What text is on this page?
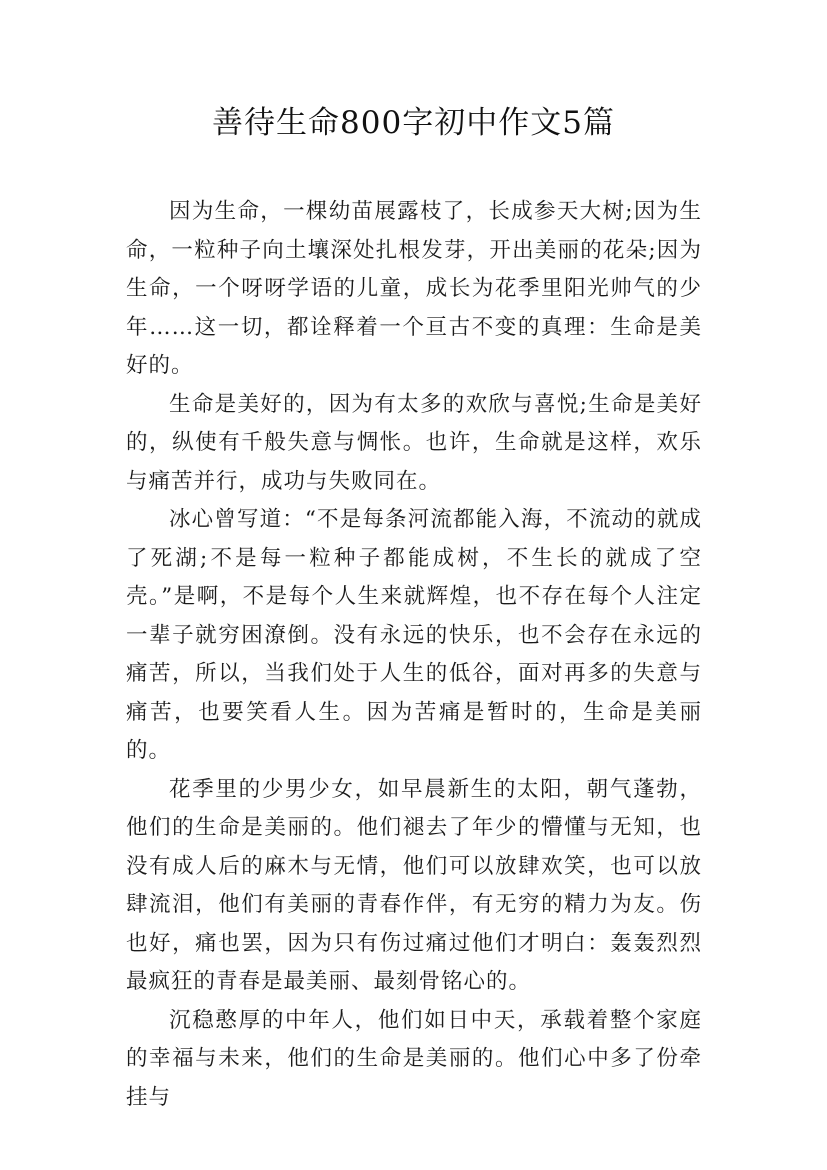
善待生命800字初中作文5篇

因为生命，一棵幼苗展露枝了，长成参天大树;因为生命，一粒种子向土壤深处扎根发芽，开出美丽的花朵;因为生命，一个呀呀学语的儿童，成长为花季里阳光帅气的少年……这一切，都诠释着一个亘古不变的真理：生命是美好的。

生命是美好的，因为有太多的欢欣与喜悦;生命是美好的，纵使有千般失意与惆怅。也许，生命就是这样，欢乐与痛苦并行，成功与失败同在。

冰心曾写道：“不是每条河流都能入海，不流动的就成了死湖;不是每一粒种子都能成树，不生长的就成了空壳。”是啊，不是每个人生来就辉煌，也不存在每个人注定一辈子就穷困潦倒。没有永远的快乐，也不会存在永远的痛苦，所以，当我们处于人生的低谷，面对再多的失意与痛苦，也要笑看人生。因为苦痛是暂时的，生命是美丽的。

花季里的少男少女，如早晨新生的太阳，朝气蓬勃，他们的生命是美丽的。他们褪去了年少的懵懂与无知，也没有成人后的麻木与无情，他们可以放肆欢笑，也可以放肆流泪，他们有美丽的青春作伴，有无穷的精力为友。伤也好，痛也罢，因为只有伤过痛过他们才明白：轰轰烈烈最疯狂的青春是最美丽、最刻骨铭心的。

沉稳憨厚的中年人，他们如日中天，承载着整个家庭的幸福与未来，他们的生命是美丽的。他们心中多了份牵挂与
